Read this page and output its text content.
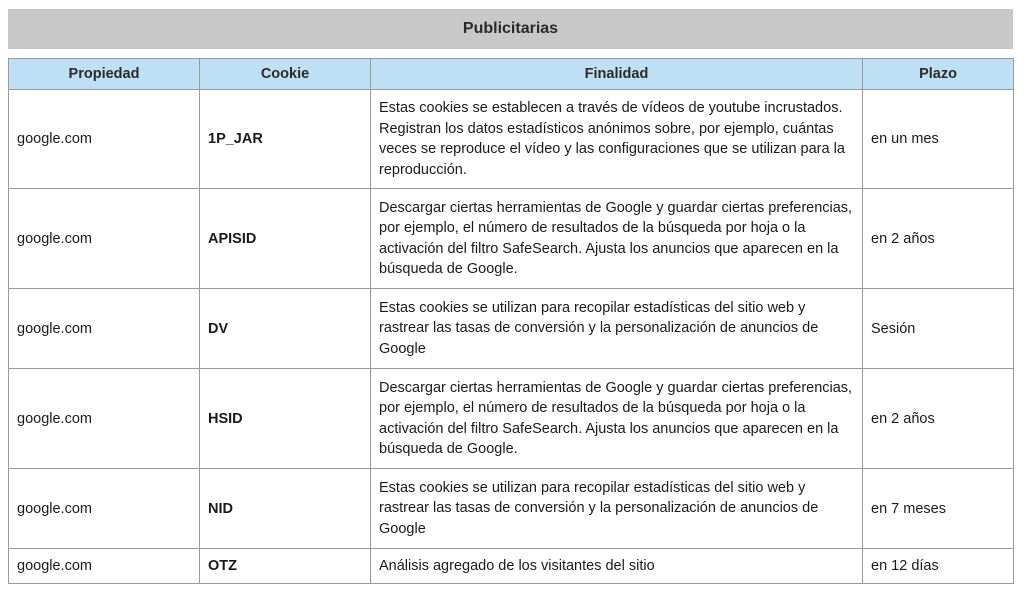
Publicitarias
Propiedad	Cookie	Finalidad	Plazo
google.com	1P_JAR	Estas cookies se establecen a través de vídeos de youtube incrustados. Registran los datos estadísticos anónimos sobre, por ejemplo, cuántas veces se reproduce el vídeo y las configuraciones que se utilizan para la reproducción.	en un mes
google.com	APISID	Descargar ciertas herramientas de Google y guardar ciertas preferencias, por ejemplo, el número de resultados de la búsqueda por hoja o la activación del filtro SafeSearch. Ajusta los anuncios que aparecen en la búsqueda de Google.	en 2 años
google.com	DV	Estas cookies se utilizan para recopilar estadísticas del sitio web y rastrear las tasas de conversión y la personalización de anuncios de Google	Sesión
google.com	HSID	Descargar ciertas herramientas de Google y guardar ciertas preferencias, por ejemplo, el número de resultados de la búsqueda por hoja o la activación del filtro SafeSearch. Ajusta los anuncios que aparecen en la búsqueda de Google.	en 2 años
google.com	NID	Estas cookies se utilizan para recopilar estadísticas del sitio web y rastrear las tasas de conversión y la personalización de anuncios de Google	en 7 meses
google.com	OTZ	Análisis agregado de los visitantes del sitio	en 12 días
